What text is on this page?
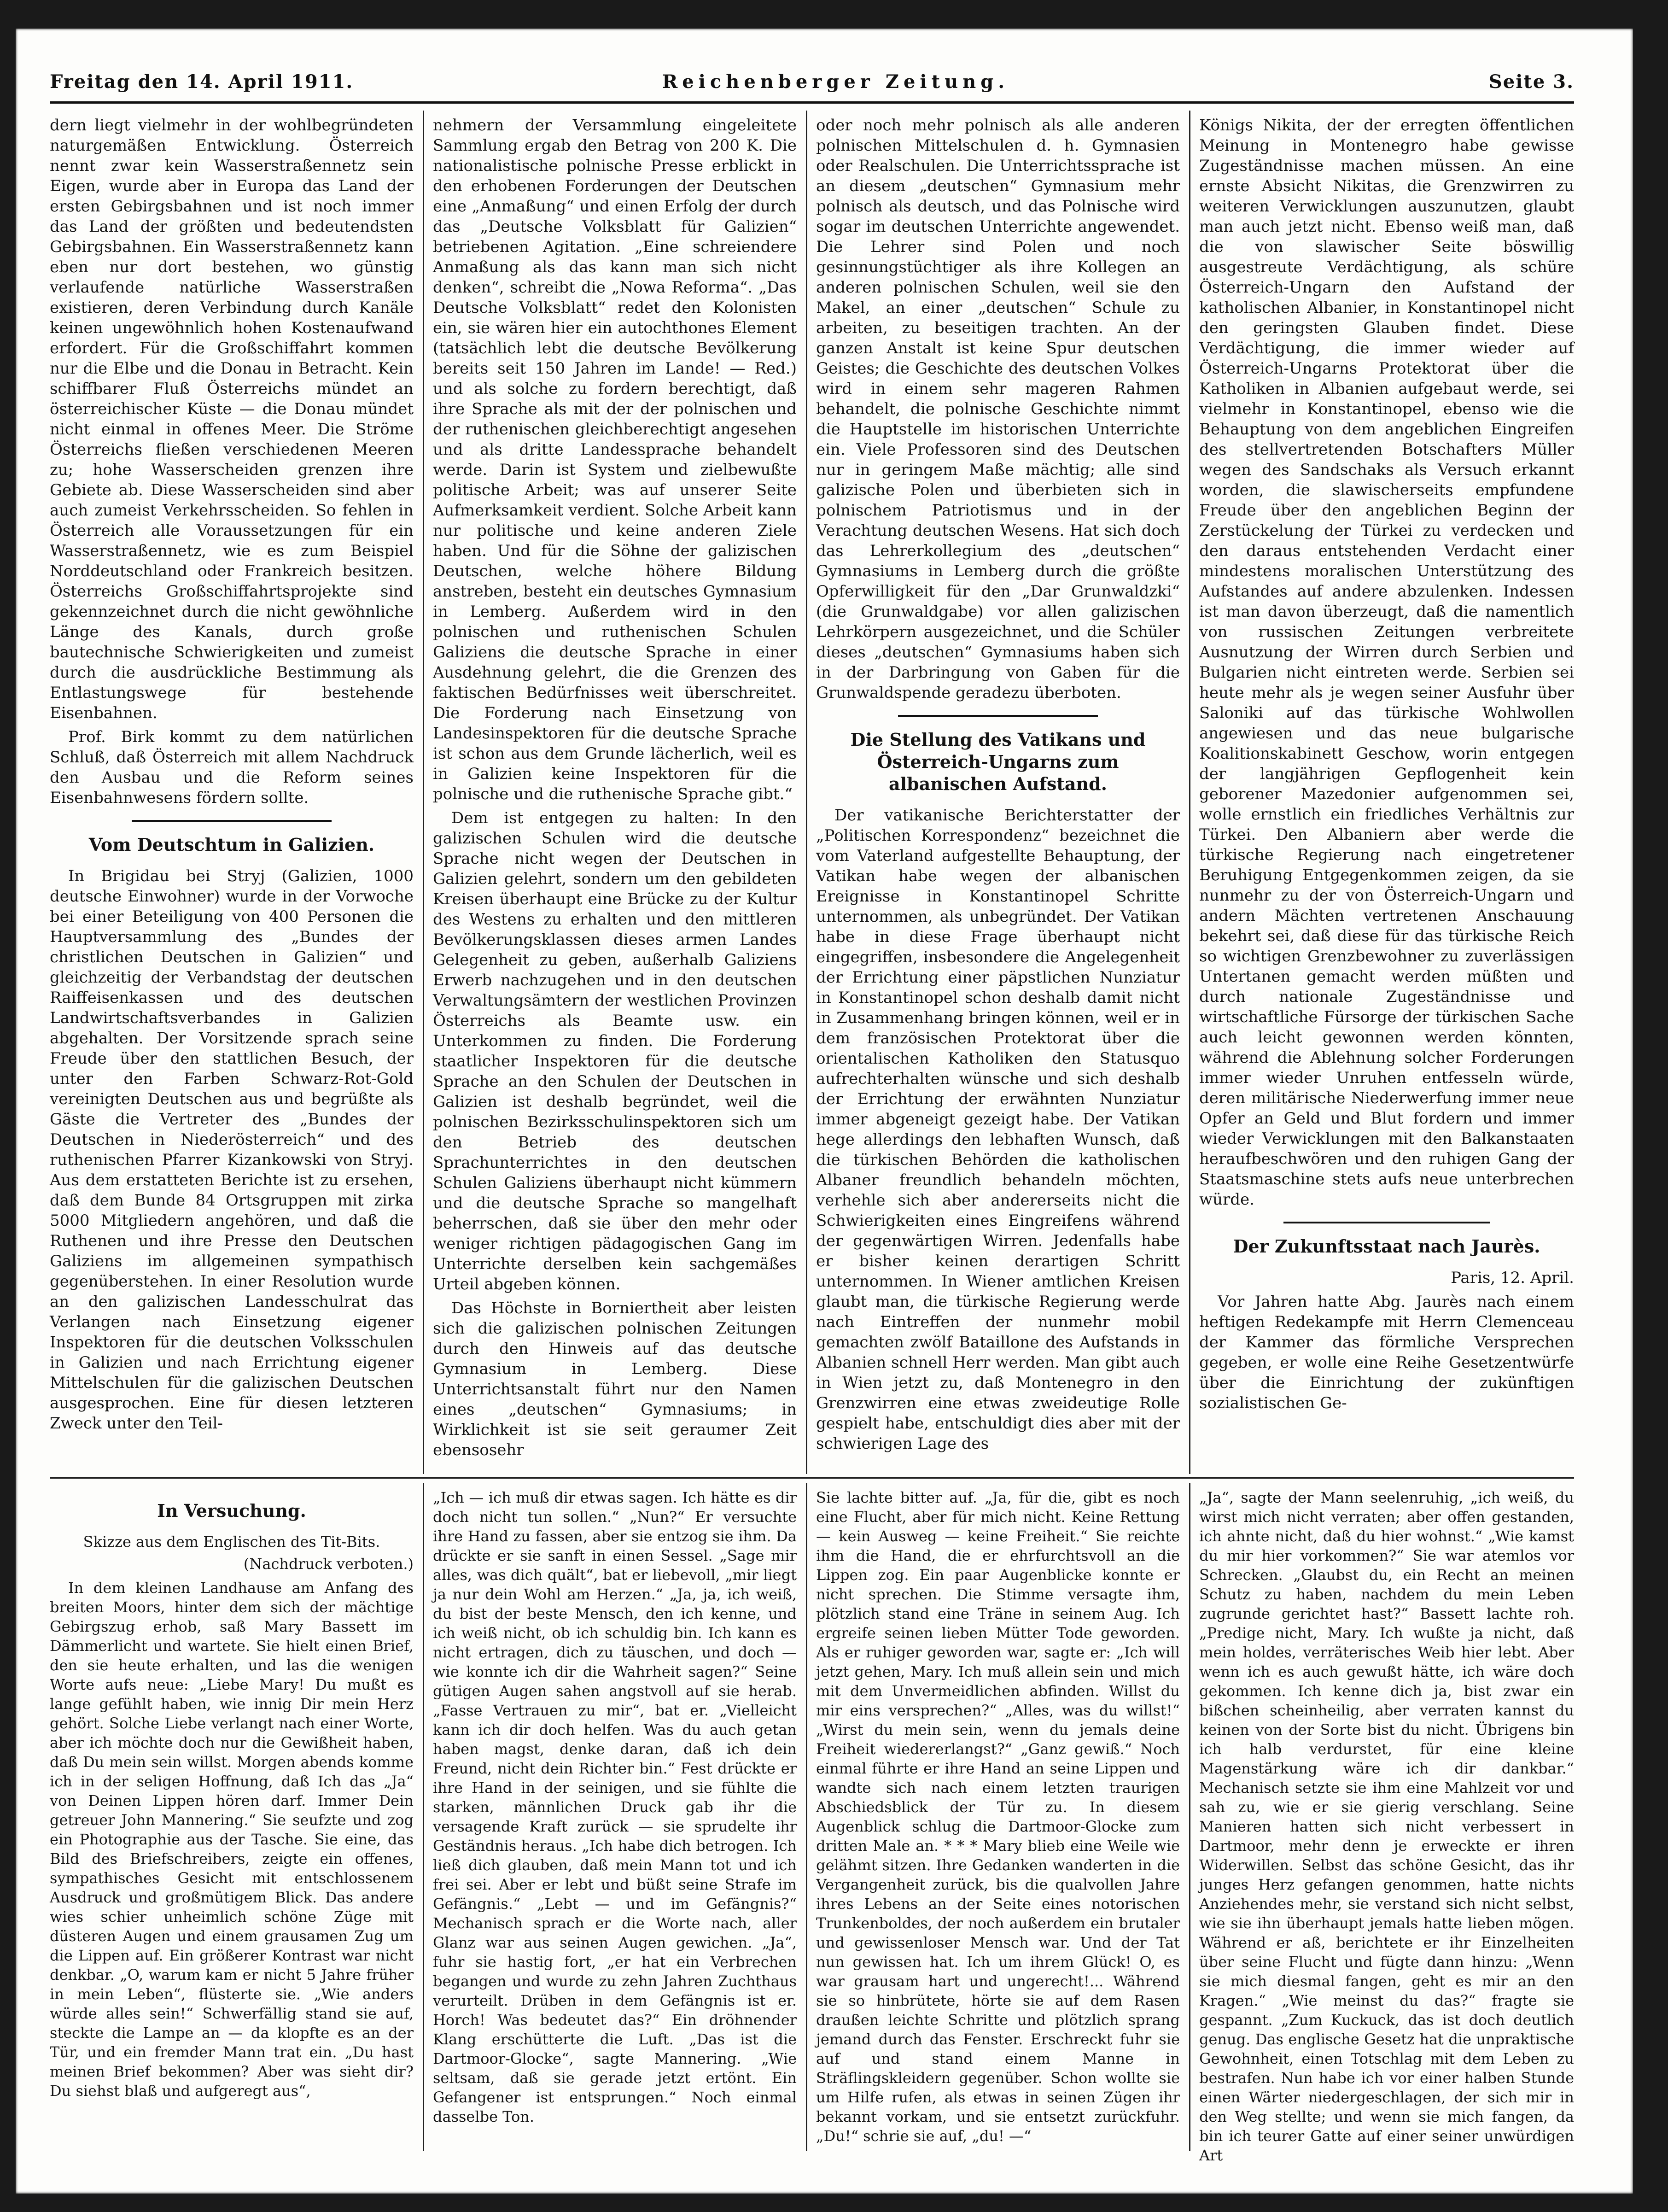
Freitag den 14. April 1911.	Reichenberger Zeitung.	Seite 3.

dern liegt vielmehr in der wohlbegründeten naturgemäßen Entwicklung. Österreich nennt zwar kein Wasserstraßennetz sein Eigen, wurde aber in Europa das Land der ersten Gebirgsbahnen und ist noch immer das Land der größten und bedeutendsten Gebirgsbahnen. Ein Wasserstraßennetz kann eben nur dort bestehen, wo günstig verlaufende natürliche Wasserstraßen existieren, deren Verbindung durch Kanäle keinen ungewöhnlich hohen Kostenaufwand erfordert. Für die Großschiffahrt kommen nur die Elbe und die Donau in Betracht. Kein schiffbarer Fluß Österreichs mündet an österreichischer Küste — die Donau mündet nicht einmal in offenes Meer. Die Ströme Österreichs fließen verschiedenen Meeren zu; hohe Wasserscheiden grenzen ihre Gebiete ab. Diese Wasserscheiden sind aber auch zumeist Verkehrsscheiden. So fehlen in Österreich alle Voraussetzungen für ein Wasserstraßennetz, wie es zum Beispiel Norddeutschland oder Frankreich besitzen. Österreichs Großschiffahrtsprojekte sind gekennzeichnet durch die nicht gewöhnliche Länge des Kanals, durch große bautechnische Schwierigkeiten und zumeist durch die ausdrückliche Bestimmung als Entlastungswege für bestehende Eisenbahnen.

Prof. Birk kommt zu dem natürlichen Schluß, daß Österreich mit allem Nachdruck den Ausbau und die Reform seines Eisenbahnwesens fördern sollte.

Vom Deutschtum in Galizien.

In Brigidau bei Stryj (Galizien, 1000 deutsche Einwohner) wurde in der Vorwoche bei einer Beteiligung von 400 Personen die Hauptversammlung des „Bundes der christlichen Deutschen in Galizien“ und gleichzeitig der Verbandstag der deutschen Raiffeisenkassen und des deutschen Landwirtschaftsverbandes in Galizien abgehalten. Der Vorsitzende sprach seine Freude über den stattlichen Besuch, der unter den Farben Schwarz-Rot-Gold vereinigten Deutschen aus und begrüßte als Gäste die Vertreter des „Bundes der Deutschen in Niederösterreich“ und des ruthenischen Pfarrer Kizankowski von Stryj. Aus dem erstatteten Berichte ist zu ersehen, daß dem Bunde 84 Ortsgruppen mit zirka 5000 Mitgliedern angehören, und daß die Ruthenen und ihre Presse den Deutschen Galiziens im allgemeinen sympathisch gegenüberstehen. In einer Resolution wurde an den galizischen Landesschulrat das Verlangen nach Einsetzung eigener Inspektoren für die deutschen Volksschulen in Galizien und nach Errichtung eigener Mittelschulen für die galizischen Deutschen ausgesprochen. Eine für diesen letzteren Zweck unter den Teil-

nehmern der Versammlung eingeleitete Sammlung ergab den Betrag von 200 K. Die nationalistische polnische Presse erblickt in den erhobenen Forderungen der Deutschen eine „Anmaßung“ und einen Erfolg der durch das „Deutsche Volksblatt für Galizien“ betriebenen Agitation. „Eine schreiendere Anmaßung als das kann man sich nicht denken“, schreibt die „Nowa Reforma“. „Das Deutsche Volksblatt“ redet den Kolonisten ein, sie wären hier ein autochthones Element (tatsächlich lebt die deutsche Bevölkerung bereits seit 150 Jahren im Lande! — Red.) und als solche zu fordern berechtigt, daß ihre Sprache als mit der der polnischen und der ruthenischen gleichberechtigt angesehen und als dritte Landessprache behandelt werde. Darin ist System und zielbewußte politische Arbeit; was auf unserer Seite Aufmerksamkeit verdient. Solche Arbeit kann nur politische und keine anderen Ziele haben. Und für die Söhne der galizischen Deutschen, welche höhere Bildung anstreben, besteht ein deutsches Gymnasium in Lemberg. Außerdem wird in den polnischen und ruthenischen Schulen Galiziens die deutsche Sprache in einer Ausdehnung gelehrt, die die Grenzen des faktischen Bedürfnisses weit überschreitet. Die Forderung nach Einsetzung von Landesinspektoren für die deutsche Sprache ist schon aus dem Grunde lächerlich, weil es in Galizien keine Inspektoren für die polnische und die ruthenische Sprache gibt.“

Dem ist entgegen zu halten: In den galizischen Schulen wird die deutsche Sprache nicht wegen der Deutschen in Galizien gelehrt, sondern um den gebildeten Kreisen überhaupt eine Brücke zu der Kultur des Westens zu erhalten und den mittleren Bevölkerungsklassen dieses armen Landes Gelegenheit zu geben, außerhalb Galiziens Erwerb nachzugehen und in den deutschen Verwaltungsämtern der westlichen Provinzen Österreichs als Beamte usw. ein Unterkommen zu finden. Die Forderung staatlicher Inspektoren für die deutsche Sprache an den Schulen der Deutschen in Galizien ist deshalb begründet, weil die polnischen Bezirksschulinspektoren sich um den Betrieb des deutschen Sprachunterrichtes in den deutschen Schulen Galiziens überhaupt nicht kümmern und die deutsche Sprache so mangelhaft beherrschen, daß sie über den mehr oder weniger richtigen pädagogischen Gang im Unterrichte derselben kein sachgemäßes Urteil abgeben können.

Das Höchste in Borniertheit aber leisten sich die galizischen polnischen Zeitungen durch den Hinweis auf das deutsche Gymnasium in Lemberg. Diese Unterrichtsanstalt führt nur den Namen eines „deutschen“ Gymnasiums; in Wirklichkeit ist sie seit geraumer Zeit ebensosehr

oder noch mehr polnisch als alle anderen polnischen Mittelschulen d. h. Gymnasien oder Realschulen. Die Unterrichtssprache ist an diesem „deutschen“ Gymnasium mehr polnisch als deutsch, und das Polnische wird sogar im deutschen Unterrichte angewendet. Die Lehrer sind Polen und noch gesinnungstüchtiger als ihre Kollegen an anderen polnischen Schulen, weil sie den Makel, an einer „deutschen“ Schule zu arbeiten, zu beseitigen trachten. An der ganzen Anstalt ist keine Spur deutschen Geistes; die Geschichte des deutschen Volkes wird in einem sehr mageren Rahmen behandelt, die polnische Geschichte nimmt die Hauptstelle im historischen Unterrichte ein. Viele Professoren sind des Deutschen nur in geringem Maße mächtig; alle sind galizische Polen und überbieten sich in polnischem Patriotismus und in der Verachtung deutschen Wesens. Hat sich doch das Lehrerkollegium des „deutschen“ Gymnasiums in Lemberg durch die größte Opferwilligkeit für den „Dar Grunwaldzki“ (die Grunwaldgabe) vor allen galizischen Lehrkörpern ausgezeichnet, und die Schüler dieses „deutschen“ Gymnasiums haben sich in der Darbringung von Gaben für die Grunwaldspende geradezu überboten.

Die Stellung des Vatikans und Österreich-Ungarns zum albanischen Aufstand.

Der vatikanische Berichterstatter der „Politischen Korrespondenz“ bezeichnet die vom Vaterland aufgestellte Behauptung, der Vatikan habe wegen der albanischen Ereignisse in Konstantinopel Schritte unternommen, als unbegründet. Der Vatikan habe in diese Frage überhaupt nicht eingegriffen, insbesondere die Angelegenheit der Errichtung einer päpstlichen Nunziatur in Konstantinopel schon deshalb damit nicht in Zusammenhang bringen können, weil er in dem französischen Protektorat über die orientalischen Katholiken den Statusquo aufrechterhalten wünsche und sich deshalb der Errichtung der erwähnten Nunziatur immer abgeneigt gezeigt habe. Der Vatikan hege allerdings den lebhaften Wunsch, daß die türkischen Behörden die katholischen Albaner freundlich behandeln möchten, verhehle sich aber andererseits nicht die Schwierigkeiten eines Eingreifens während der gegenwärtigen Wirren. Jedenfalls habe er bisher keinen derartigen Schritt unternommen. In Wiener amtlichen Kreisen glaubt man, die türkische Regierung werde nach Eintreffen der nunmehr mobil gemachten zwölf Bataillone des Aufstands in Albanien schnell Herr werden. Man gibt auch in Wien jetzt zu, daß Montenegro in den Grenzwirren eine etwas zweideutige Rolle gespielt habe, entschuldigt dies aber mit der schwierigen Lage des

Königs Nikita, der der erregten öffentlichen Meinung in Montenegro habe gewisse Zugeständnisse machen müssen. An eine ernste Absicht Nikitas, die Grenzwirren zu weiteren Verwicklungen auszunutzen, glaubt man auch jetzt nicht. Ebenso weiß man, daß die von slawischer Seite böswillig ausgestreute Verdächtigung, als schüre Österreich-Ungarn den Aufstand der katholischen Albanier, in Konstantinopel nicht den geringsten Glauben findet. Diese Verdächtigung, die immer wieder auf Österreich-Ungarns Protektorat über die Katholiken in Albanien aufgebaut werde, sei vielmehr in Konstantinopel, ebenso wie die Behauptung von dem angeblichen Eingreifen des stellvertretenden Botschafters Müller wegen des Sandschaks als Versuch erkannt worden, die slawischerseits empfundene Freude über den angeblichen Beginn der Zerstückelung der Türkei zu verdecken und den daraus entstehenden Verdacht einer mindestens moralischen Unterstützung des Aufstandes auf andere abzulenken. Indessen ist man davon überzeugt, daß die namentlich von russischen Zeitungen verbreitete Ausnutzung der Wirren durch Serbien und Bulgarien nicht eintreten werde. Serbien sei heute mehr als je wegen seiner Ausfuhr über Saloniki auf das türkische Wohlwollen angewiesen und das neue bulgarische Koalitionskabinett Geschow, worin entgegen der langjährigen Gepflogenheit kein geborener Mazedonier aufgenommen sei, wolle ernstlich ein friedliches Verhältnis zur Türkei. Den Albaniern aber werde die türkische Regierung nach eingetretener Beruhigung Entgegenkommen zeigen, da sie nunmehr zu der von Österreich-Ungarn und andern Mächten vertretenen Anschauung bekehrt sei, daß diese für das türkische Reich so wichtigen Grenzbewohner zu zuverlässigen Untertanen gemacht werden müßten und durch nationale Zugeständnisse und wirtschaftliche Fürsorge der türkischen Sache auch leicht gewonnen werden könnten, während die Ablehnung solcher Forderungen immer wieder Unruhen entfesseln würde, deren militärische Niederwerfung immer neue Opfer an Geld und Blut fordern und immer wieder Verwicklungen mit den Balkanstaaten heraufbeschwören und den ruhigen Gang der Staatsmaschine stets aufs neue unterbrechen würde.

Der Zukunftsstaat nach Jaurès.

Paris, 12. April.

Vor Jahren hatte Abg. Jaurès nach einem heftigen Redekampfe mit Herrn Clemenceau der Kammer das förmliche Versprechen gegeben, er wolle eine Reihe Gesetzentwürfe über die Einrichtung der zukünftigen sozialistischen Ge-

In Versuchung.

Skizze aus dem Englischen des Tit-Bits.

(Nachdruck verboten.)

In dem kleinen Landhause am Anfang des breiten Moors, hinter dem sich der mächtige Gebirgszug erhob, saß Mary Bassett im Dämmerlicht und wartete. Sie hielt einen Brief, den sie heute erhalten, und las die wenigen Worte aufs neue: „Liebe Mary! Du mußt es lange gefühlt haben, wie innig Dir mein Herz gehört. Solche Liebe verlangt nach einer Worte, aber ich möchte doch nur die Gewißheit haben, daß Du mein sein willst. Morgen abends komme ich in der seligen Hoffnung, daß Ich das „Ja“ von Deinen Lippen hören darf. Immer Dein getreuer John Mannering.“ Sie seufzte und zog ein Photographie aus der Tasche. Sie eine, das Bild des Briefschreibers, zeigte ein offenes, sympathisches Gesicht mit entschlossenem Ausdruck und großmütigem Blick. Das andere wies schier unheimlich schöne Züge mit düsteren Augen und einem grausamen Zug um die Lippen auf. Ein größerer Kontrast war nicht denkbar. „O, warum kam er nicht 5 Jahre früher in mein Leben“, flüsterte sie. „Wie anders würde alles sein!“ Schwerfällig stand sie auf, steckte die Lampe an — da klopfte es an der Tür, und ein fremder Mann trat ein. „Du hast meinen Brief bekommen? Aber was sieht dir? Du siehst blaß und aufgeregt aus“,

„Ich — ich muß dir etwas sagen. Ich hätte es dir doch nicht tun sollen.“ „Nun?“ Er versuchte ihre Hand zu fassen, aber sie entzog sie ihm. Da drückte er sie sanft in einen Sessel. „Sage mir alles, was dich quält“, bat er liebevoll, „mir liegt ja nur dein Wohl am Herzen.“ „Ja, ja, ich weiß, du bist der beste Mensch, den ich kenne, und ich weiß nicht, ob ich schuldig bin. Ich kann es nicht ertragen, dich zu täuschen, und doch — wie konnte ich dir die Wahrheit sagen?“ Seine gütigen Augen sahen angstvoll auf sie herab. „Fasse Vertrauen zu mir“, bat er. „Vielleicht kann ich dir doch helfen. Was du auch getan haben magst, denke daran, daß ich dein Freund, nicht dein Richter bin.“ Fest drückte er ihre Hand in der seinigen, und sie fühlte die starken, männlichen Druck gab ihr die versagende Kraft zurück — sie sprudelte ihr Geständnis heraus. „Ich habe dich betrogen. Ich ließ dich glauben, daß mein Mann tot und ich frei sei. Aber er lebt und büßt seine Strafe im Gefängnis.“ „Lebt — und im Gefängnis?“ Mechanisch sprach er die Worte nach, aller Glanz war aus seinen Augen gewichen. „Ja“, fuhr sie hastig fort, „er hat ein Verbrechen begangen und wurde zu zehn Jahren Zuchthaus verurteilt. Drüben in dem Gefängnis ist er. Horch! Was bedeutet das?“ Ein dröhnender Klang erschütterte die Luft. „Das ist die Dartmoor-Glocke“, sagte Mannering. „Wie seltsam, daß sie gerade jetzt ertönt. Ein Gefangener ist entsprungen.“ Noch einmal dasselbe Ton.

Sie lachte bitter auf. „Ja, für die, gibt es noch eine Flucht, aber für mich nicht. Keine Rettung — kein Ausweg — keine Freiheit.“ Sie reichte ihm die Hand, die er ehrfurchtsvoll an die Lippen zog. Ein paar Augenblicke konnte er nicht sprechen. Die Stimme versagte ihm, plötzlich stand eine Träne in seinem Aug. Ich ergreife seinen lieben Mütter Tode geworden. Als er ruhiger geworden war, sagte er: „Ich will jetzt gehen, Mary. Ich muß allein sein und mich mit dem Unvermeidlichen abfinden. Willst du mir eins versprechen?“ „Alles, was du willst!“ „Wirst du mein sein, wenn du jemals deine Freiheit wiedererlangst?“ „Ganz gewiß.“ Noch einmal führte er ihre Hand an seine Lippen und wandte sich nach einem letzten traurigen Abschiedsblick der Tür zu. In diesem Augenblick schlug die Dartmoor-Glocke zum dritten Male an. * * * Mary blieb eine Weile wie gelähmt sitzen. Ihre Gedanken wanderten in die Vergangenheit zurück, bis die qualvollen Jahre ihres Lebens an der Seite eines notorischen Trunkenboldes, der noch außerdem ein brutaler und gewissenloser Mensch war. Und der Tat nun gewissen hat. Ich um ihrem Glück! O, es war grausam hart und ungerecht!... Während sie so hinbrütete, hörte sie auf dem Rasen draußen leichte Schritte und plötzlich sprang jemand durch das Fenster. Erschreckt fuhr sie auf und stand einem Manne in Sträflingskleidern gegenüber. Schon wollte sie um Hilfe rufen, als etwas in seinen Zügen ihr bekannt vorkam, und sie entsetzt zurückfuhr. „Du!“ schrie sie auf, „du! —“

„Ja“, sagte der Mann seelenruhig, „ich weiß, du wirst mich nicht verraten; aber offen gestanden, ich ahnte nicht, daß du hier wohnst.“ „Wie kamst du mir hier vorkommen?“ Sie war atemlos vor Schrecken. „Glaubst du, ein Recht an meinen Schutz zu haben, nachdem du mein Leben zugrunde gerichtet hast?“ Bassett lachte roh. „Predige nicht, Mary. Ich wußte ja nicht, daß mein holdes, verräterisches Weib hier lebt. Aber wenn ich es auch gewußt hätte, ich wäre doch gekommen. Ich kenne dich ja, bist zwar ein bißchen scheinheilig, aber verraten kannst du keinen von der Sorte bist du nicht. Übrigens bin ich halb verdurstet, für eine kleine Magenstärkung wäre ich dir dankbar.“ Mechanisch setzte sie ihm eine Mahlzeit vor und sah zu, wie er sie gierig verschlang. Seine Manieren hatten sich nicht verbessert in Dartmoor, mehr denn je erweckte er ihren Widerwillen. Selbst das schöne Gesicht, das ihr junges Herz gefangen genommen, hatte nichts Anziehendes mehr, sie verstand sich nicht selbst, wie sie ihn überhaupt jemals hatte lieben mögen. Während er aß, berichtete er ihr Einzelheiten über seine Flucht und fügte dann hinzu: „Wenn sie mich diesmal fangen, geht es mir an den Kragen.“ „Wie meinst du das?“ fragte sie gespannt. „Zum Kuckuck, das ist doch deutlich genug. Das englische Gesetz hat die unpraktische Gewohnheit, einen Totschlag mit dem Leben zu bestrafen. Nun habe ich vor einer halben Stunde einen Wärter niedergeschlagen, der sich mir in den Weg stellte; und wenn sie mich fangen, da bin ich teurer Gatte auf einer seiner unwürdigen Art
